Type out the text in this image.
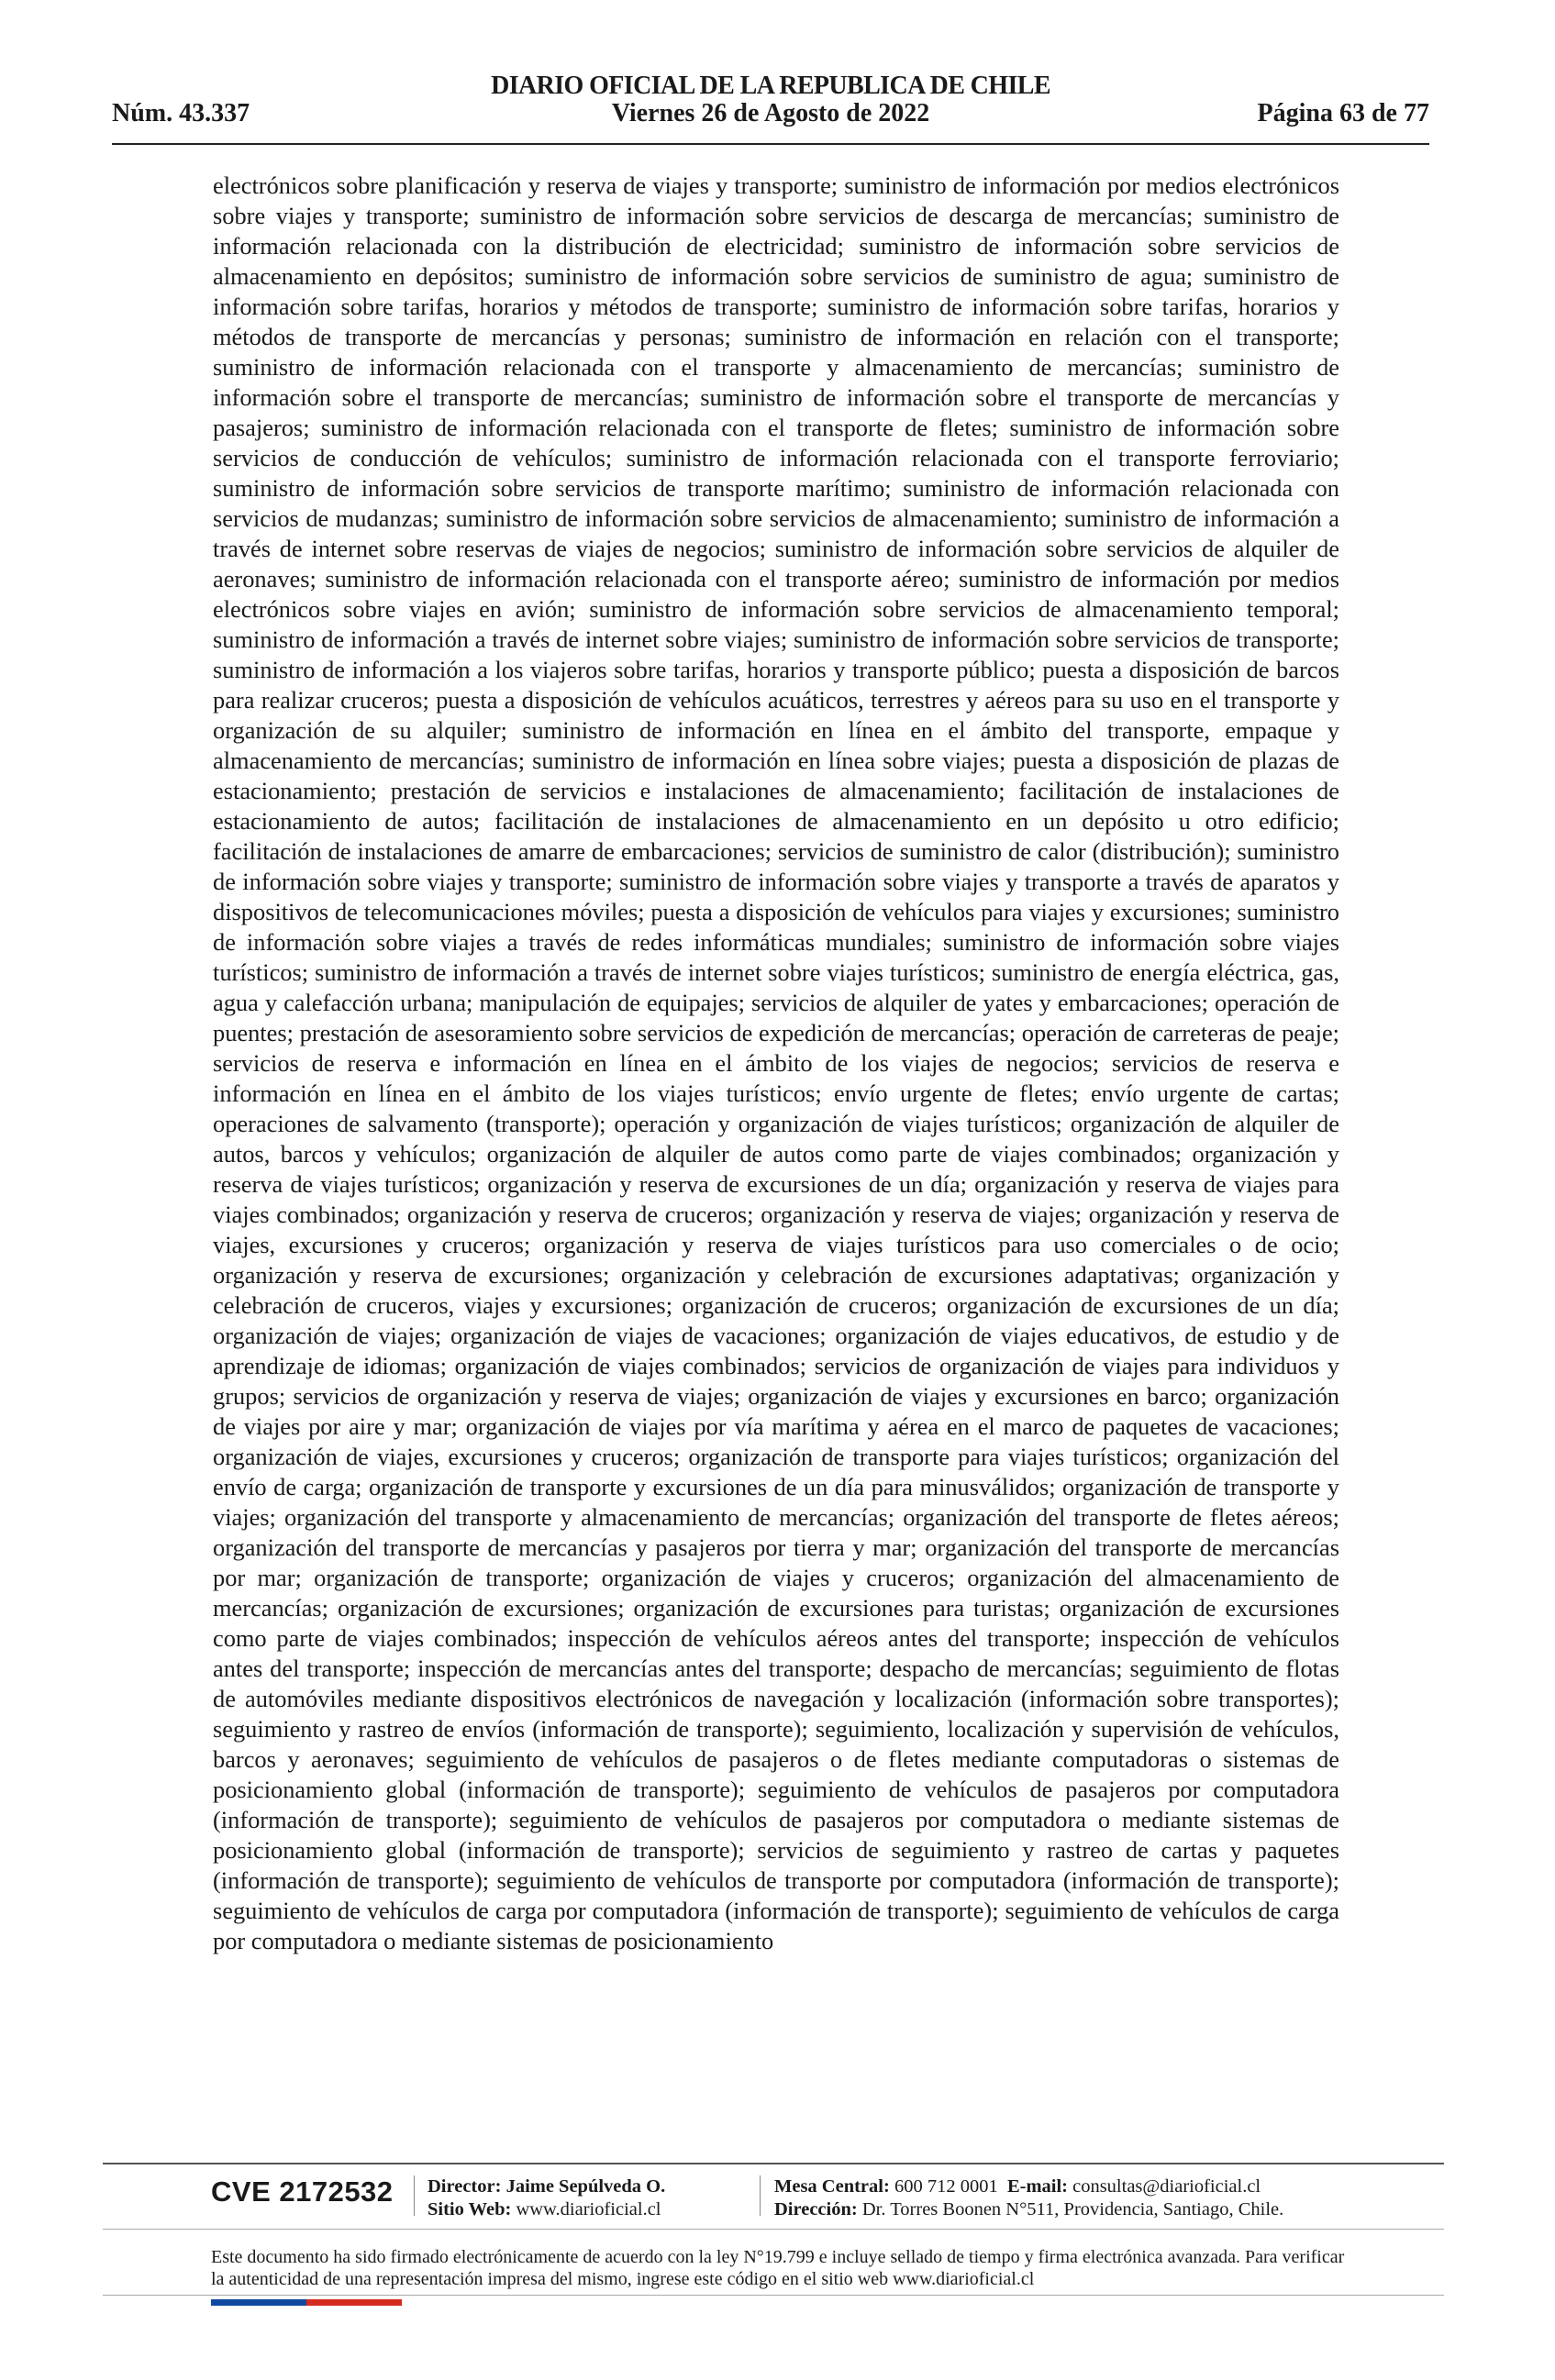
DIARIO OFICIAL DE LA REPUBLICA DE CHILE
Núm. 43.337	Viernes 26 de Agosto de 2022	Página 63 de 77
electrónicos sobre planificación y reserva de viajes y transporte; suministro de información por medios electrónicos sobre viajes y transporte; suministro de información sobre servicios de descarga de mercancías; suministro de información relacionada con la distribución de electricidad; suministro de información sobre servicios de almacenamiento en depósitos; suministro de información sobre servicios de suministro de agua; suministro de información sobre tarifas, horarios y métodos de transporte; suministro de información sobre tarifas, horarios y métodos de transporte de mercancías y personas; suministro de información en relación con el transporte; suministro de información relacionada con el transporte y almacenamiento de mercancías; suministro de información sobre el transporte de mercancías; suministro de información sobre el transporte de mercancías y pasajeros; suministro de información relacionada con el transporte de fletes; suministro de información sobre servicios de conducción de vehículos; suministro de información relacionada con el transporte ferroviario; suministro de información sobre servicios de transporte marítimo; suministro de información relacionada con servicios de mudanzas; suministro de información sobre servicios de almacenamiento; suministro de información a través de internet sobre reservas de viajes de negocios; suministro de información sobre servicios de alquiler de aeronaves; suministro de información relacionada con el transporte aéreo; suministro de información por medios electrónicos sobre viajes en avión; suministro de información sobre servicios de almacenamiento temporal; suministro de información a través de internet sobre viajes; suministro de información sobre servicios de transporte; suministro de información a los viajeros sobre tarifas, horarios y transporte público; puesta a disposición de barcos para realizar cruceros; puesta a disposición de vehículos acuáticos, terrestres y aéreos para su uso en el transporte y organización de su alquiler; suministro de información en línea en el ámbito del transporte, empaque y almacenamiento de mercancías; suministro de información en línea sobre viajes; puesta a disposición de plazas de estacionamiento; prestación de servicios e instalaciones de almacenamiento; facilitación de instalaciones de estacionamiento de autos; facilitación de instalaciones de almacenamiento en un depósito u otro edificio; facilitación de instalaciones de amarre de embarcaciones; servicios de suministro de calor (distribución); suministro de información sobre viajes y transporte; suministro de información sobre viajes y transporte a través de aparatos y dispositivos de telecomunicaciones móviles; puesta a disposición de vehículos para viajes y excursiones; suministro de información sobre viajes a través de redes informáticas mundiales; suministro de información sobre viajes turísticos; suministro de información a través de internet sobre viajes turísticos; suministro de energía eléctrica, gas, agua y calefacción urbana; manipulación de equipajes; servicios de alquiler de yates y embarcaciones; operación de puentes; prestación de asesoramiento sobre servicios de expedición de mercancías; operación de carreteras de peaje; servicios de reserva e información en línea en el ámbito de los viajes de negocios; servicios de reserva e información en línea en el ámbito de los viajes turísticos; envío urgente de fletes; envío urgente de cartas; operaciones de salvamento (transporte); operación y organización de viajes turísticos; organización de alquiler de autos, barcos y vehículos; organización de alquiler de autos como parte de viajes combinados; organización y reserva de viajes turísticos; organización y reserva de excursiones de un día; organización y reserva de viajes para viajes combinados; organización y reserva de cruceros; organización y reserva de viajes; organización y reserva de viajes, excursiones y cruceros; organización y reserva de viajes turísticos para uso comerciales o de ocio; organización y reserva de excursiones; organización y celebración de excursiones adaptativas; organización y celebración de cruceros, viajes y excursiones; organización de cruceros; organización de excursiones de un día; organización de viajes; organización de viajes de vacaciones; organización de viajes educativos, de estudio y de aprendizaje de idiomas; organización de viajes combinados; servicios de organización de viajes para individuos y grupos; servicios de organización y reserva de viajes; organización de viajes y excursiones en barco; organización de viajes por aire y mar; organización de viajes por vía marítima y aérea en el marco de paquetes de vacaciones; organización de viajes, excursiones y cruceros; organización de transporte para viajes turísticos; organización del envío de carga; organización de transporte y excursiones de un día para minusválidos; organización de transporte y viajes; organización del transporte y almacenamiento de mercancías; organización del transporte de fletes aéreos; organización del transporte de mercancías y pasajeros por tierra y mar; organización del transporte de mercancías por mar; organización de transporte; organización de viajes y cruceros; organización del almacenamiento de mercancías; organización de excursiones; organización de excursiones para turistas; organización de excursiones como parte de viajes combinados; inspección de vehículos aéreos antes del transporte; inspección de vehículos antes del transporte; inspección de mercancías antes del transporte; despacho de mercancías; seguimiento de flotas de automóviles mediante dispositivos electrónicos de navegación y localización (información sobre transportes); seguimiento y rastreo de envíos (información de transporte); seguimiento, localización y supervisión de vehículos, barcos y aeronaves; seguimiento de vehículos de pasajeros o de fletes mediante computadoras o sistemas de posicionamiento global (información de transporte); seguimiento de vehículos de pasajeros por computadora (información de transporte); seguimiento de vehículos de pasajeros por computadora o mediante sistemas de posicionamiento global (información de transporte); servicios de seguimiento y rastreo de cartas y paquetes (información de transporte); seguimiento de vehículos de transporte por computadora (información de transporte); seguimiento de vehículos de carga por computadora (información de transporte); seguimiento de vehículos de carga por computadora o mediante sistemas de posicionamiento
CVE 2172532 Director: Jaime Sepúlveda O.
Sitio Web: www.diarioficial.cl
Mesa Central: 600 712 0001 E-mail: consultas@diarioficial.cl
Dirección: Dr. Torres Boonen N°511, Providencia, Santiago, Chile.
Este documento ha sido firmado electrónicamente de acuerdo con la ley N°19.799 e incluye sellado de tiempo y firma electrónica avanzada. Para verificar la autenticidad de una representación impresa del mismo, ingrese este código en el sitio web www.diarioficial.cl
